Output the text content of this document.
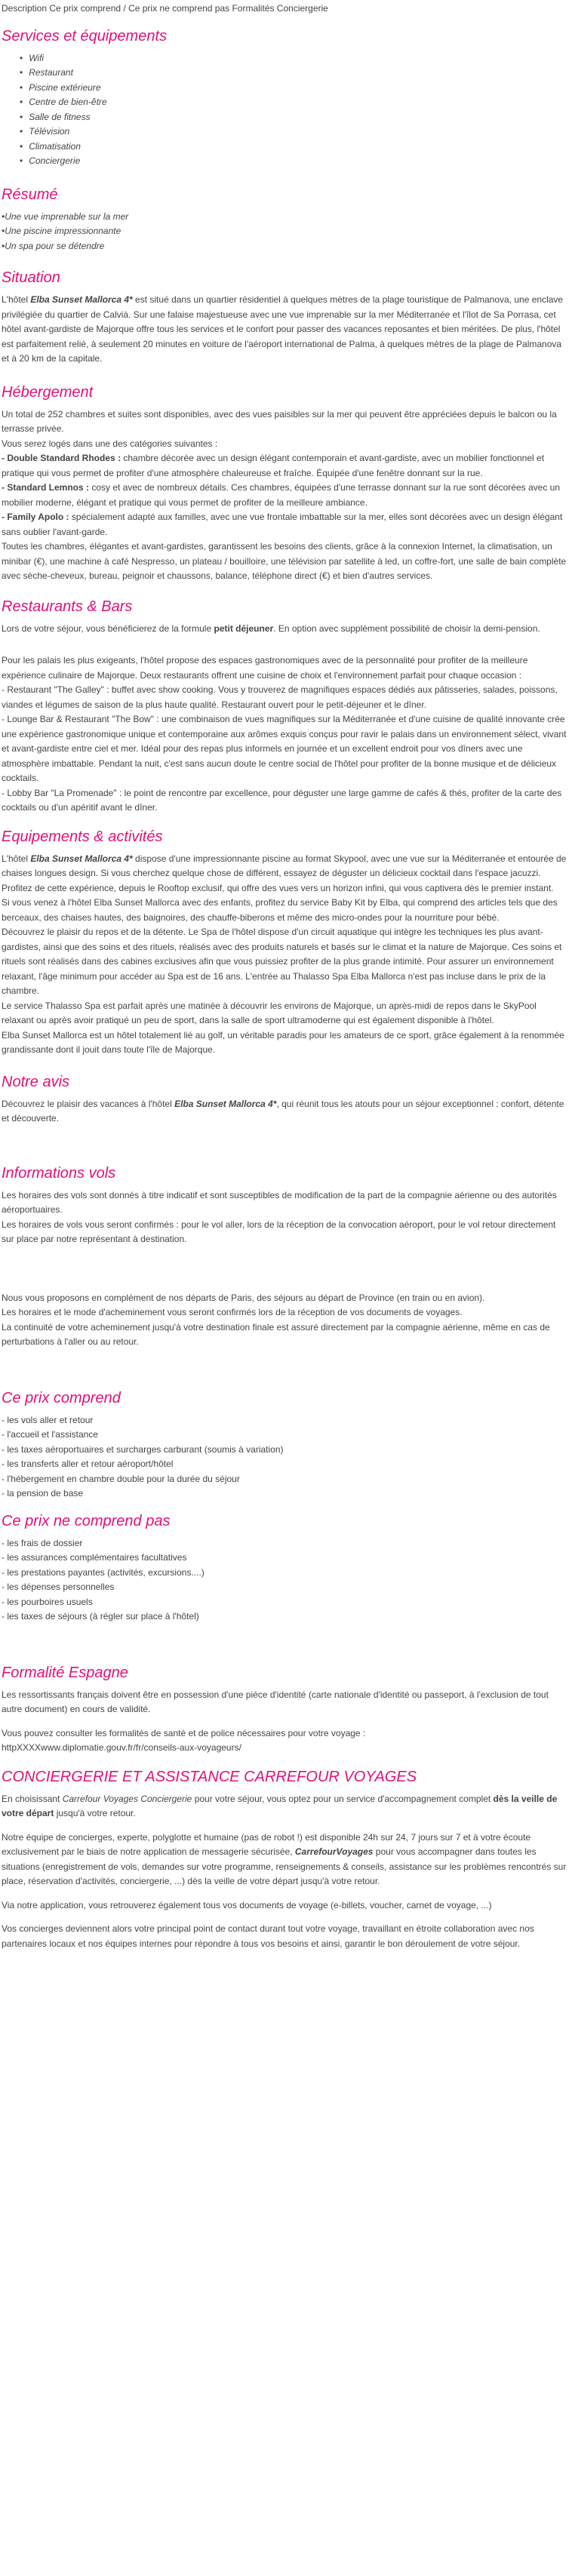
Description Ce prix comprend / Ce prix ne comprend pas Formalités Conciergerie

Services et équipements
• Wifi
• Restaurant
• Piscine extérieure
• Centre de bien-être
• Salle de fitness
• Télévision
• Climatisation
• Conciergerie
Résumé

•Une vue imprenable sur la mer

•Une piscine impressionnante

•Un spa pour se détendre

Situation

L'hôtel Elba Sunset Mallorca 4* est situé dans un quartier résidentiel à quelques mètres de la plage touristique de Palmanova, une enclave privilégiée du quartier de Calvià. Sur une falaise majestueuse avec une vue imprenable sur la mer Méditerranée et l'îlot de Sa Porrasa, cet hôtel avant-gardiste de Majorque offre tous les services et le confort pour passer des vacances reposantes et bien méritées. De plus, l'hôtel est parfaitement relié, à seulement 20 minutes en voiture de l'aéroport international de Palma, à quelques mètres de la plage de Palmanova et à 20 km de la capitale.

Hébergement

Un total de 252 chambres et suites sont disponibles, avec des vues paisibles sur la mer qui peuvent être appréciées depuis le balcon ou la terrasse privée.

Vous serez logés dans une des catégories suivantes :

- Double Standard Rhodes : chambre décorée avec un design élégant contemporain et avant-gardiste, avec un mobilier fonctionnel et pratique qui vous permet de profiter d'une atmosphère chaleureuse et fraîche. Équipée d'une fenêtre donnant sur la rue.

- Standard Lemnos : cosy et avec de nombreux détails. Ces chambres, équipées d'une terrasse donnant sur la rue sont décorées avec un mobilier moderne, élégant et pratique qui vous permet de profiter de la meilleure ambiance.

- Family Apolo : spécialement adapté aux familles, avec une vue frontale imbattable sur la mer, elles sont décorées avec un design élégant sans oublier l'avant-garde.

Toutes les chambres, élégantes et avant-gardistes, garantissent les besoins des clients, grâce à la connexion Internet, la climatisation, un minibar (€), une machine à café Nespresso, un plateau / bouilloire, une télévision par satellite à led, un coffre-fort, une salle de bain complète avec sèche-cheveux, bureau, peignoir et chaussons, balance, téléphone direct (€) et bien d'autres services.

Restaurants & Bars

Lors de votre séjour, vous bénéficierez de la formule petit déjeuner. En option avec supplément possibilité de choisir la demi-pension.

Pour les palais les plus exigeants, l'hôtel propose des espaces gastronomiques avec de la personnalité pour profiter de la meilleure expérience culinaire de Majorque. Deux restaurants offrent une cuisine de choix et l'environnement parfait pour chaque occasion :

- Restaurant "The Galley" : buffet avec show cooking. Vous y trouverez de magnifiques espaces dédiés aux pâtisseries, salades, poissons, viandes et légumes de saison de la plus haute qualité. Restaurant ouvert pour le petit-déjeuner et le dîner.

- Lounge Bar & Restaurant "The Bow" : une combinaison de vues magnifiques sur la Méditerranée et d'une cuisine de qualité innovante crée une expérience gastronomique unique et contemporaine aux arômes exquis conçus pour ravir le palais dans un environnement sélect, vivant et avant-gardiste entre ciel et mer. Idéal pour des repas plus informels en journée et un excellent endroit pour vos dîners avec une atmosphère imbattable. Pendant la nuit, c'est sans aucun doute le centre social de l'hôtel pour profiter de la bonne musique et de délicieux cocktails.

- Lobby Bar "La Promenade" : le point de rencontre par excellence, pour déguster une large gamme de cafés & thés, profiter de la carte des cocktails ou d'un apéritif avant le dîner.

Equipements & activités

L'hôtel Elba Sunset Mallorca 4* dispose d'une impressionnante piscine au format Skypool, avec une vue sur la Méditerranée et entourée de chaises longues design. Si vous cherchez quelque chose de différent, essayez de déguster un délicieux cocktail dans l'espace jacuzzi.

Profitez de cette expérience, depuis le Rooftop exclusif, qui offre des vues vers un horizon infini, qui vous captivera dès le premier instant.

Si vous venez à l'hôtel Elba Sunset Mallorca avec des enfants, profitez du service Baby Kit by Elba, qui comprend des articles tels que des berceaux, des chaises hautes, des baignoires, des chauffe-biberons et même des micro-ondes pour la nourriture pour bébé.

Découvrez le plaisir du repos et de la détente. Le Spa de l'hôtel dispose d'un circuit aquatique qui intègre les techniques les plus avant-gardistes, ainsi que des soins et des rituels, réalisés avec des produits naturels et basés sur le climat et la nature de Majorque. Ces soins et rituels sont réalisés dans des cabines exclusives afin que vous puissiez profiter de la plus grande intimité. Pour assurer un environnement relaxant, l'âge minimum pour accéder au Spa est de 16 ans. L'entrée au Thalasso Spa Elba Mallorca n'est pas incluse dans le prix de la chambre.

Le service Thalasso Spa est parfait après une matinée à découvrir les environs de Majorque, un après-midi de repos dans le SkyPool relaxant ou après avoir pratiqué un peu de sport, dans la salle de sport ultramoderne qui est également disponible à l'hôtel.

Elba Sunset Mallorca est un hôtel totalement lié au golf, un véritable paradis pour les amateurs de ce sport, grâce également à la renommée grandissante dont il jouit dans toute l'île de Majorque.

Notre avis

Découvrez le plaisir des vacances à l'hôtel Elba Sunset Mallorca 4*, qui réunit tous les atouts pour un séjour exceptionnel : confort, détente et découverte.

Informations vols

Les horaires des vols sont donnés à titre indicatif et sont susceptibles de modification de la part de la compagnie aérienne ou des autorités aéroportuaires.

Les horaires de vols vous seront confirmés : pour le vol aller, lors de la réception de la convocation aéroport, pour le vol retour directement sur place par notre représentant à destination.

Nous vous proposons en complément de nos départs de Paris, des séjours au départ de Province (en train ou en avion).

Les horaires et le mode d'acheminement vous seront confirmés lors de la réception de vos documents de voyages.

La continuité de votre acheminement jusqu'à votre destination finale est assuré directement par la compagnie aérienne, même en cas de perturbations à l'aller ou au retour.

Ce prix comprend

- les vols aller et retour

- l'accueil et l'assistance

- les taxes aéroportuaires et surcharges carburant (soumis à variation)

- les transferts aller et retour aéroport/hôtel

- l'hébergement en chambre double pour la durée du séjour

- la pension de base

Ce prix ne comprend pas

- les frais de dossier

- les assurances complémentaires facultatives

- les prestations payantes (activités, excursions....)

- les dépenses personnelles

- les pourboires usuels

- les taxes de séjours (à régler sur place à l'hôtel)

Formalité Espagne

Les ressortissants français doivent être en possession d'une pièce d'identité (carte nationale d'identité ou passeport, à l'exclusion de tout autre document) en cours de validité.

Vous pouvez consulter les formalités de santé et de police nécessaires pour votre voyage :

httpXXXXwww.diplomatie.gouv.fr/fr/conseils-aux-voyageurs/

CONCIERGERIE ET ASSISTANCE CARREFOUR VOYAGES

En choisissant Carrefour Voyages Conciergerie pour votre séjour, vous optez pour un service d'accompagnement complet dès la veille de votre départ jusqu'à votre retour.

Notre équipe de concierges, experte, polyglotte et humaine (pas de robot !) est disponible 24h sur 24, 7 jours sur 7 et à votre écoute exclusivement par le biais de notre application de messagerie sécurisée, CarrefourVoyages pour vous accompagner dans toutes les situations (enregistrement de vols, demandes sur votre programme, renseignements & conseils, assistance sur les problèmes rencontrés sur place, réservation d'activités, conciergerie, ...) dès la veille de votre départ jusqu'à votre retour.

Via notre application, vous retrouverez également tous vos documents de voyage (e-billets, voucher, carnet de voyage, ...)

Vos concierges deviennent alors votre principal point de contact durant tout votre voyage, travaillant en étroite collaboration avec nos partenaires locaux et nos équipes internes pour répondre à tous vos besoins et ainsi, garantir le bon déroulement de votre séjour.
